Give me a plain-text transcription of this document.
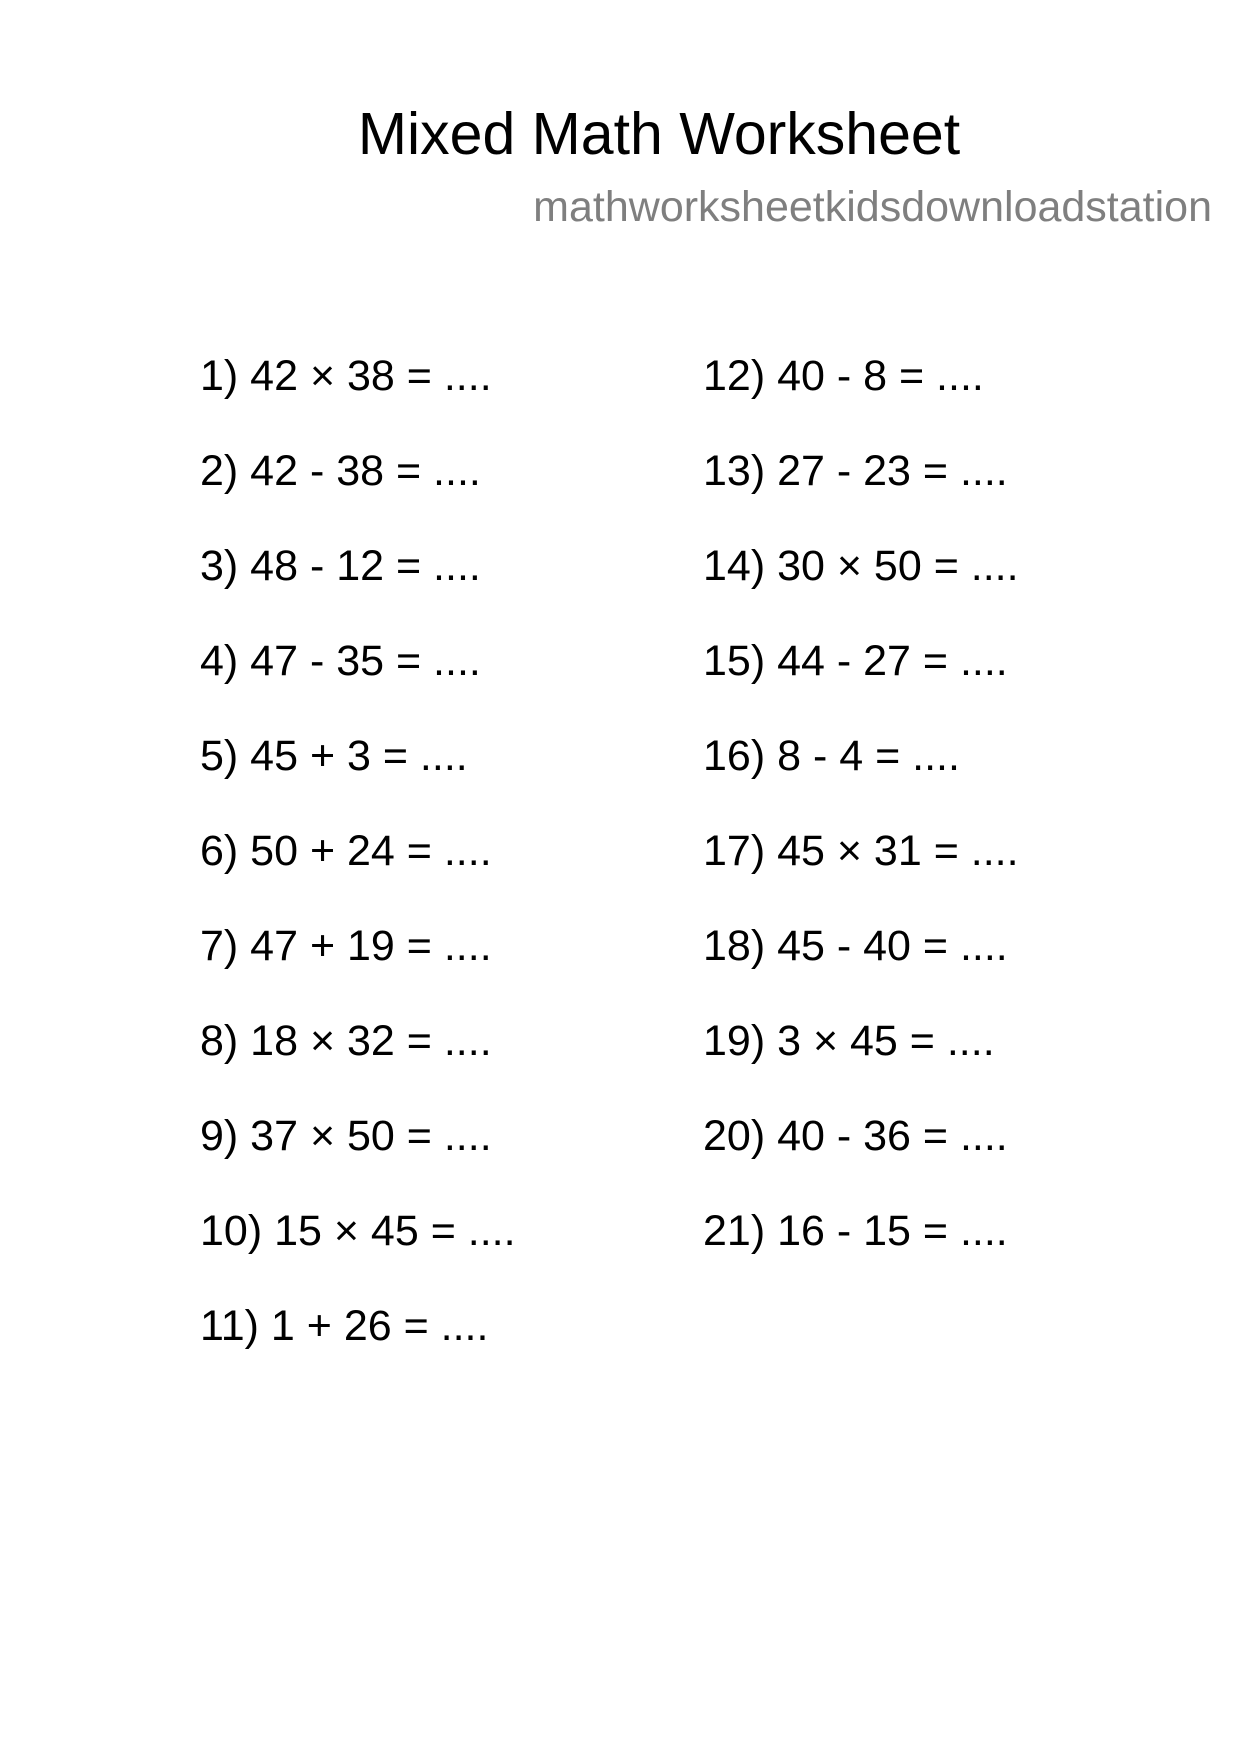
Mixed Math Worksheet
mathworksheetkidsdownloadstation
1) 42 × 38 = ....
2) 42 - 38 = ....
3) 48 - 12 = ....
4) 47 - 35 = ....
5) 45 + 3 = ....
6) 50 + 24 = ....
7) 47 + 19 = ....
8) 18 × 32 = ....
9) 37 × 50 = ....
10) 15 × 45 = ....
11) 1 + 26 = ....
12) 40 - 8 = ....
13) 27 - 23 = ....
14) 30 × 50 = ....
15) 44 - 27 = ....
16) 8 - 4 = ....
17) 45 × 31 = ....
18) 45 - 40 = ....
19) 3 × 45 = ....
20) 40 - 36 = ....
21) 16 - 15 = ....
